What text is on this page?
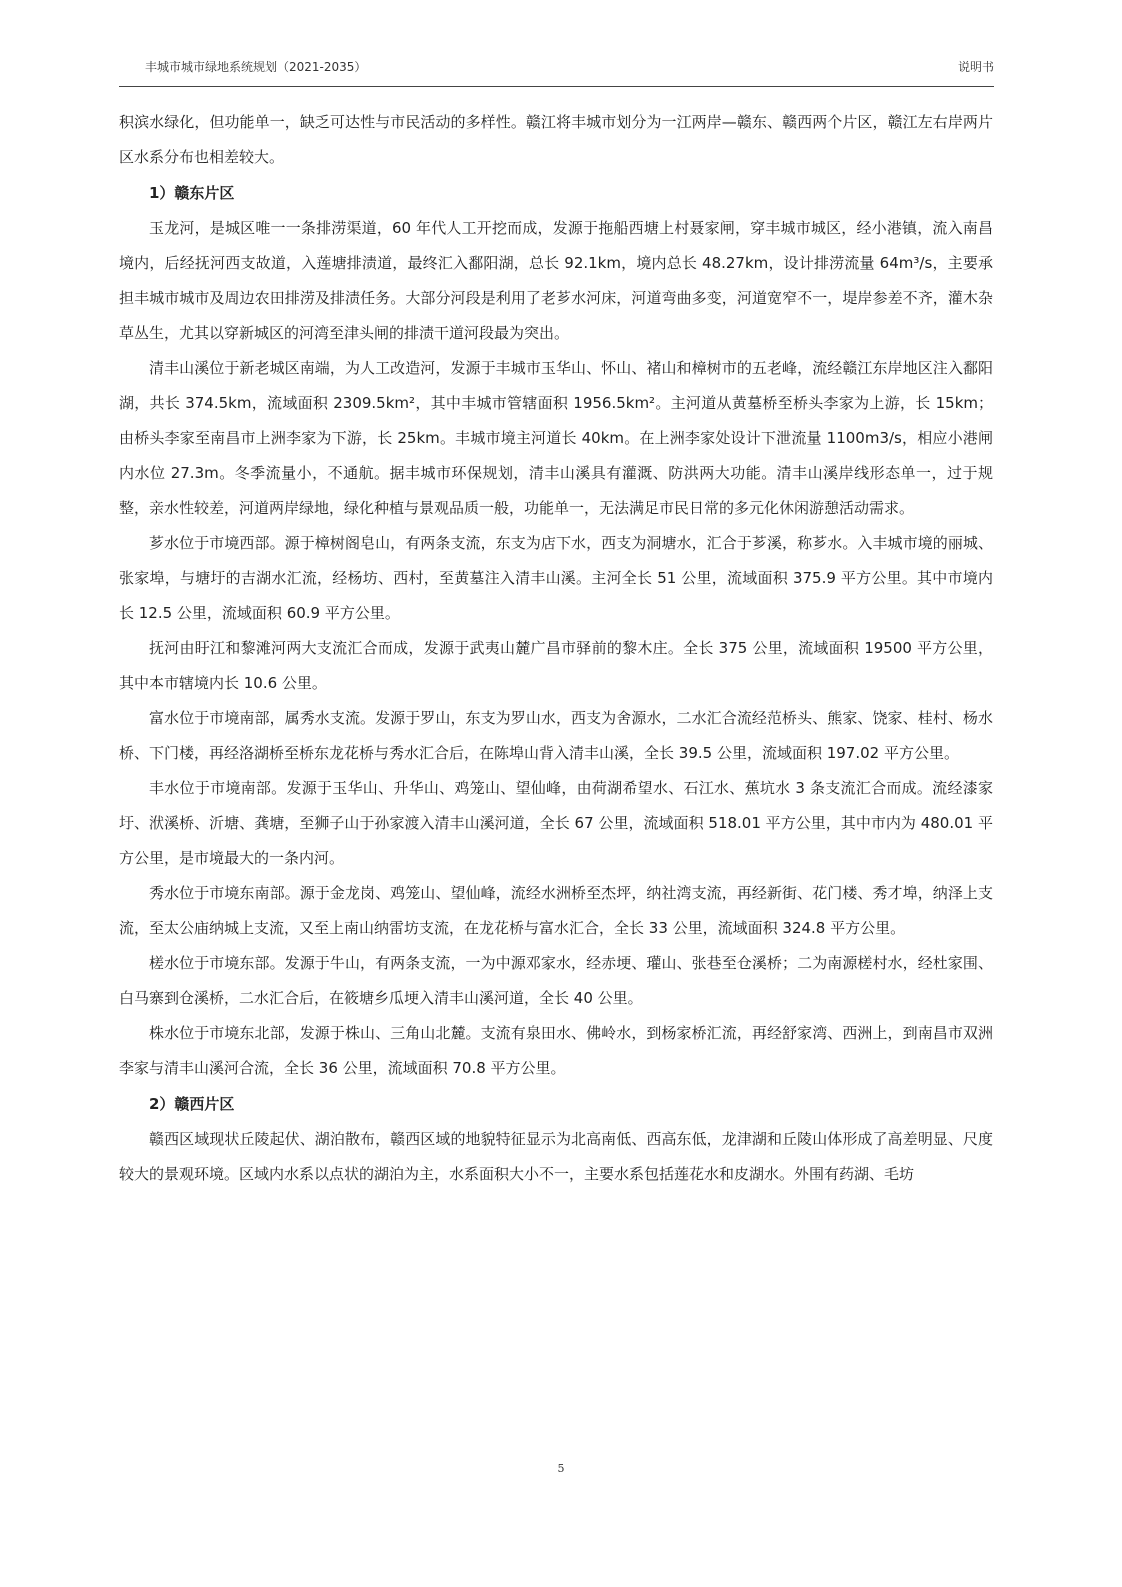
丰城市城市绿地系统规划（2021-2035）	说明书

积滨水绿化，但功能单一，缺乏可达性与市民活动的多样性。赣江将丰城市划分为一江两岸—赣东、赣西两个片区，赣江左右岸两片区水系分布也相差较大。

1）赣东片区

玉龙河，是城区唯一一条排涝渠道，60 年代人工开挖而成，发源于拖船西塘上村聂家闸，穿丰城市城区，经小港镇，流入南昌境内，后经抚河西支故道，入莲塘排渍道，最终汇入鄱阳湖，总长 92.1km，境内总长 48.27km，设计排涝流量 64m³/s，主要承担丰城市城市及周边农田排涝及排渍任务。大部分河段是利用了老芗水河床，河道弯曲多变，河道宽窄不一，堤岸参差不齐，灌木杂草丛生，尤其以穿新城区的河湾至津头闸的排渍干道河段最为突出。

清丰山溪位于新老城区南端，为人工改造河，发源于丰城市玉华山、怀山、褚山和樟树市的五老峰，流经赣江东岸地区注入鄱阳湖，共长 374.5km，流域面积 2309.5km²，其中丰城市管辖面积 1956.5km²。主河道从黄墓桥至桥头李家为上游，长 15km；由桥头李家至南昌市上洲李家为下游，长 25km。丰城市境主河道长 40km。在上洲李家处设计下泄流量 1100m3/s，相应小港闸内水位 27.3m。冬季流量小，不通航。据丰城市环保规划，清丰山溪具有灌溉、防洪两大功能。清丰山溪岸线形态单一，过于规整，亲水性较差，河道两岸绿地，绿化种植与景观品质一般，功能单一，无法满足市民日常的多元化休闲游憩活动需求。

芗水位于市境西部。源于樟树阁皂山，有两条支流，东支为店下水，西支为洞塘水，汇合于芗溪，称芗水。入丰城市境的丽城、张家埠，与塘圩的吉湖水汇流，经杨坊、西村，至黄墓注入清丰山溪。主河全长 51 公里，流域面积 375.9 平方公里。其中市境内长 12.5 公里，流域面积 60.9 平方公里。

抚河由盱江和黎滩河两大支流汇合而成，发源于武夷山麓广昌市驿前的黎木庄。全长 375 公里，流域面积 19500 平方公里，其中本市辖境内长 10.6 公里。

富水位于市境南部，属秀水支流。发源于罗山，东支为罗山水，西支为舍源水，二水汇合流经范桥头、熊家、饶家、桂村、杨水桥、下门楼，再经洛湖桥至桥东龙花桥与秀水汇合后，在陈埠山背入清丰山溪，全长 39.5 公里，流域面积 197.02 平方公里。

丰水位于市境南部。发源于玉华山、升华山、鸡笼山、望仙峰，由荷湖希望水、石江水、蕉坑水 3 条支流汇合而成。流经漆家圩、洑溪桥、沂塘、龚塘，至狮子山于孙家渡入清丰山溪河道，全长 67 公里，流域面积 518.01 平方公里，其中市内为 480.01 平方公里，是市境最大的一条内河。

秀水位于市境东南部。源于金龙岗、鸡笼山、望仙峰，流经水洲桥至杰坪，纳社湾支流，再经新街、花门楼、秀才埠，纳泽上支流，至太公庙纳城上支流，又至上南山纳雷坊支流，在龙花桥与富水汇合，全长 33 公里，流域面积 324.8 平方公里。

槎水位于市境东部。发源于牛山，有两条支流，一为中源邓家水，经赤埂、瓘山、张巷至仓溪桥；二为南源槎村水，经杜家围、白马寨到仓溪桥，二水汇合后，在筱塘乡瓜埂入清丰山溪河道，全长 40 公里。

株水位于市境东北部，发源于株山、三角山北麓。支流有泉田水、佛岭水，到杨家桥汇流，再经舒家湾、西洲上，到南昌市双洲李家与清丰山溪河合流，全长 36 公里，流域面积 70.8 平方公里。

2）赣西片区

赣西区域现状丘陵起伏、湖泊散布，赣西区域的地貌特征显示为北高南低、西高东低，龙津湖和丘陵山体形成了高差明显、尺度较大的景观环境。区域内水系以点状的湖泊为主，水系面积大小不一，主要水系包括莲花水和皮湖水。外围有药湖、毛坊

5
